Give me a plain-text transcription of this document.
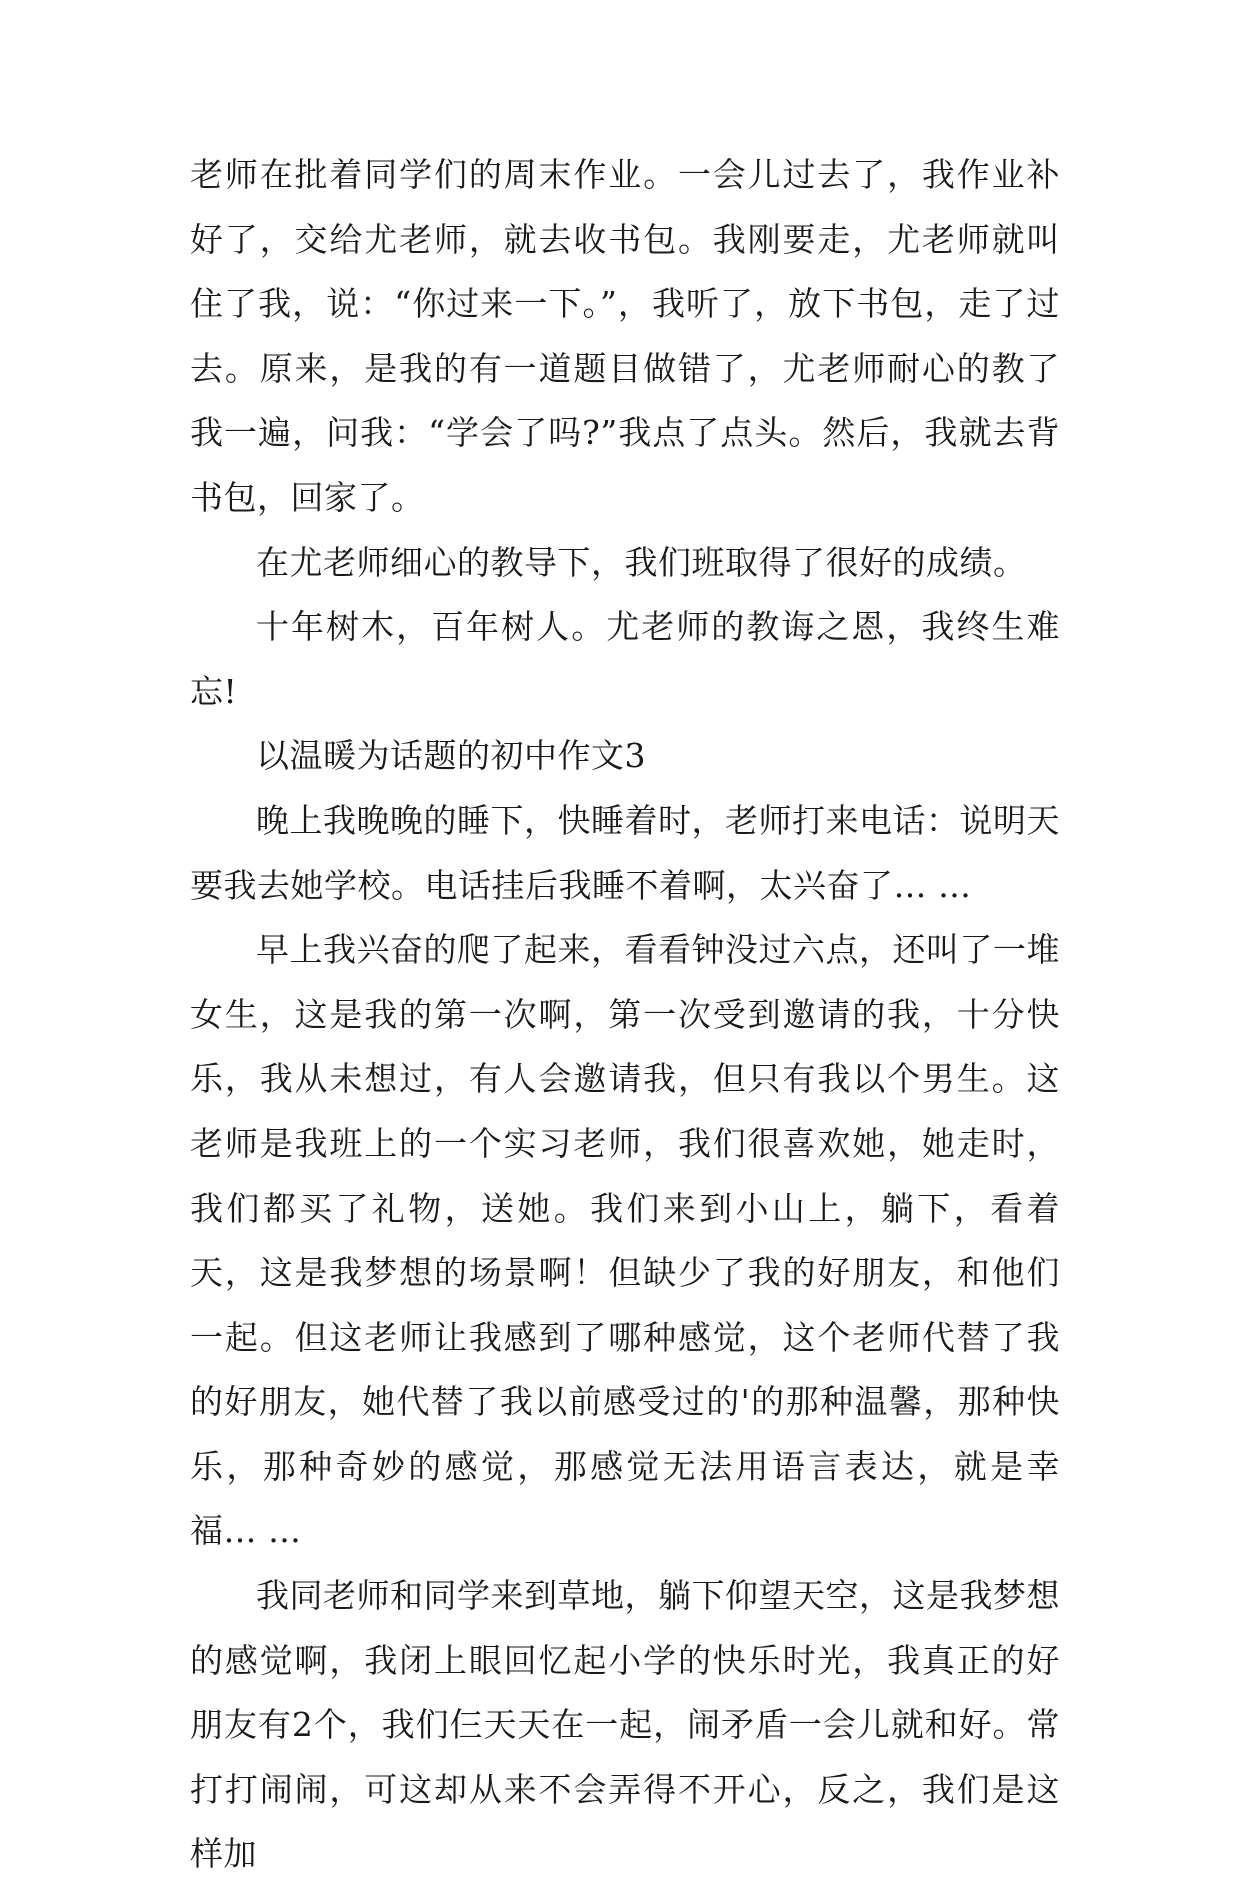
老师在批着同学们的周末作业。一会儿过去了，我作业补好了，交给尤老师，就去收书包。我刚要走，尤老师就叫住了我，说：“你过来一下。”，我听了，放下书包，走了过去。原来，是我的有一道题目做错了，尤老师耐心的教了我一遍，问我：“学会了吗?”我点了点头。然后，我就去背书包，回家了。

在尤老师细心的教导下，我们班取得了很好的成绩。

十年树木，百年树人。尤老师的教诲之恩，我终生难忘!

以温暖为话题的初中作文3

晚上我晚晚的睡下，快睡着时，老师打来电话：说明天要我去她学校。电话挂后我睡不着啊，太兴奋了… …

早上我兴奋的爬了起来，看看钟没过六点，还叫了一堆女生，这是我的第一次啊，第一次受到邀请的我，十分快乐，我从未想过，有人会邀请我，但只有我以个男生。这老师是我班上的一个实习老师，我们很喜欢她，她走时，我们都买了礼物，送她。我们来到小山上，躺下，看着天，这是我梦想的场景啊！但缺少了我的好朋友，和他们一起。但这老师让我感到了哪种感觉，这个老师代替了我的好朋友，她代替了我以前感受过的'的那种温馨，那种快乐，那种奇妙的感觉，那感觉无法用语言表达，就是幸福… …

我同老师和同学来到草地，躺下仰望天空，这是我梦想的感觉啊，我闭上眼回忆起小学的快乐时光，我真正的好朋友有2个，我们仨天天在一起，闹矛盾一会儿就和好。常打打闹闹，可这却从来不会弄得不开心，反之，我们是这样加
